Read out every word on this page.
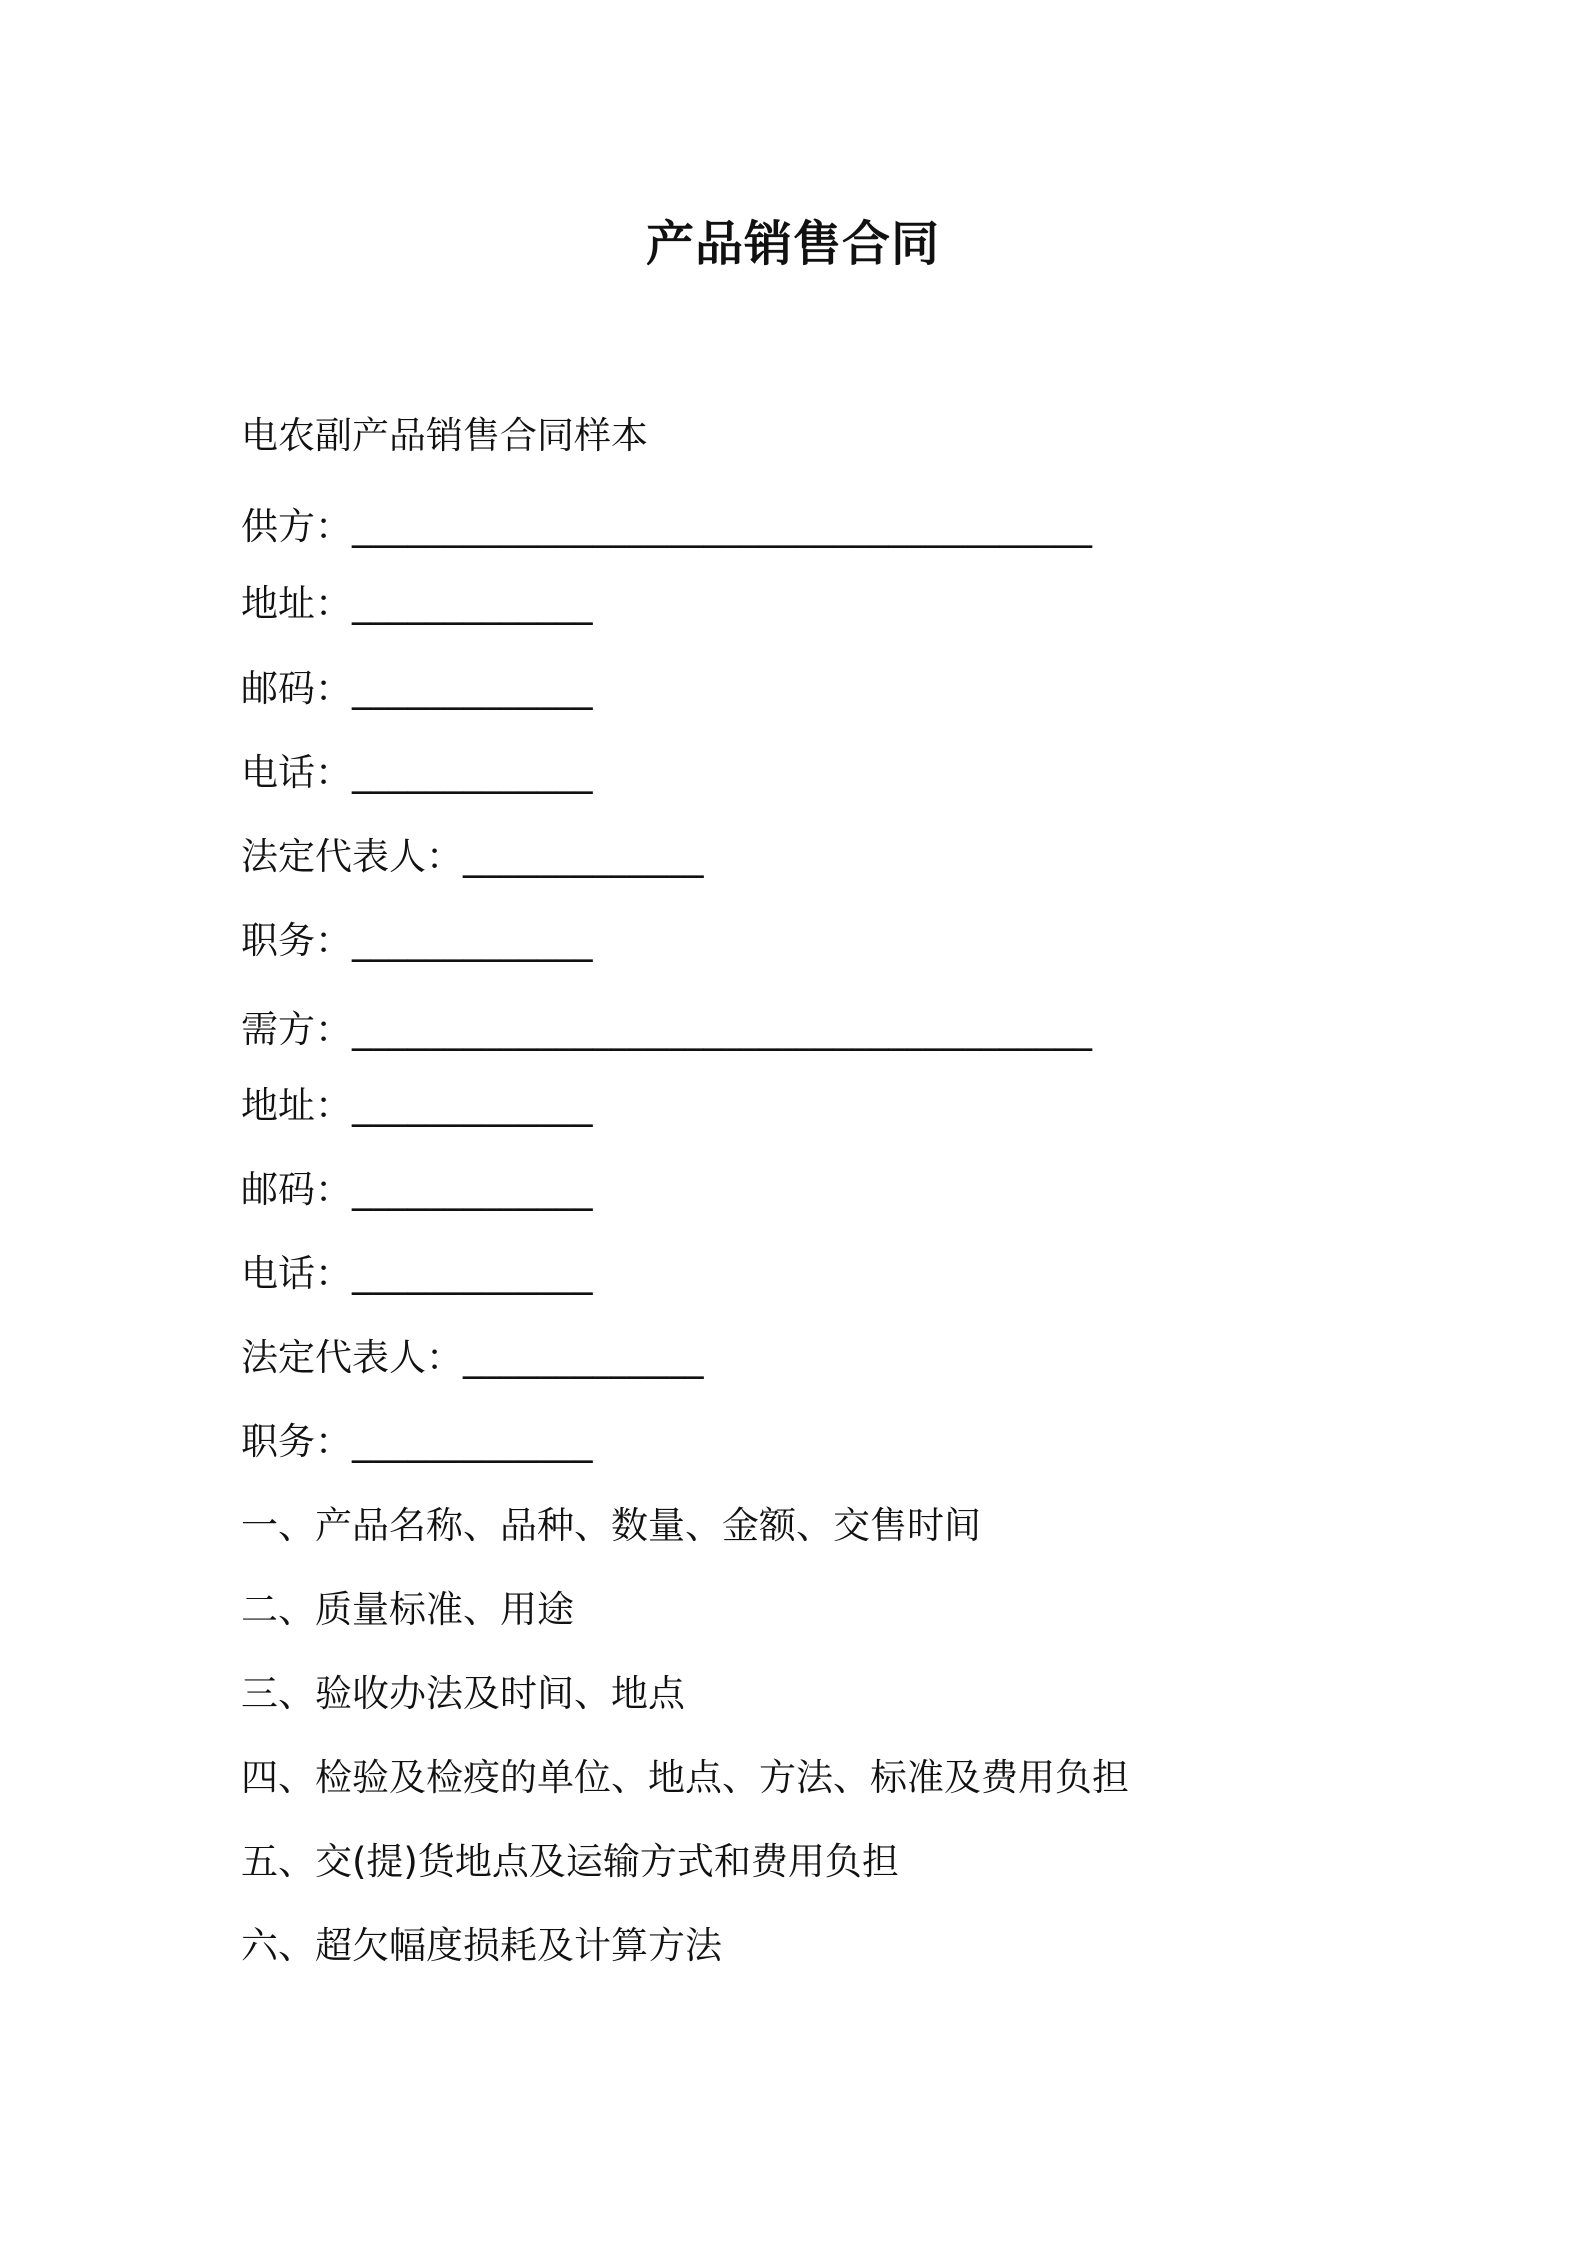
产品销售合同
电农副产品销售合同样本
供方：________________________________________
地址：_____________
邮码：_____________
电话：_____________
法定代表人：_____________
职务：_____________
需方：________________________________________
地址：_____________
邮码：_____________
电话：_____________
法定代表人：_____________
职务：_____________
一、产品名称、品种、数量、金额、交售时间
二、质量标准、用途
三、验收办法及时间、地点
四、检验及检疫的单位、地点、方法、标准及费用负担
五、交(提)货地点及运输方式和费用负担
六、超欠幅度损耗及计算方法
